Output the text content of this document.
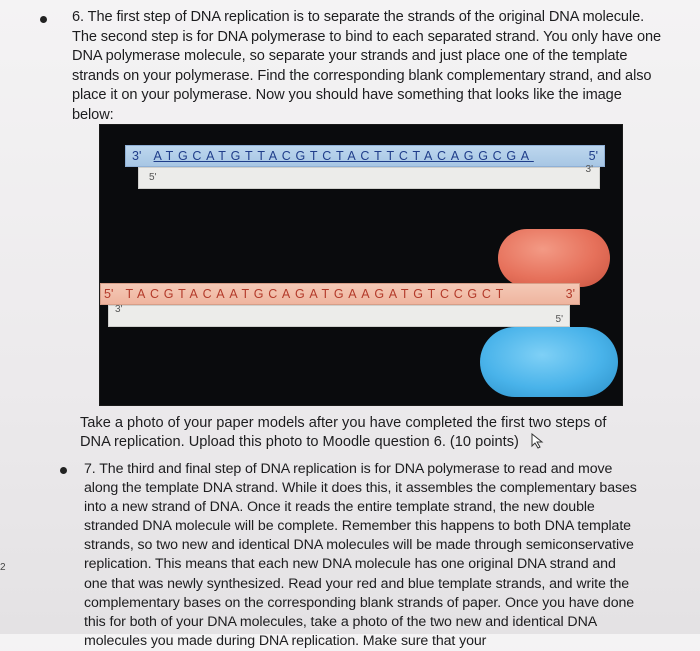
6. The first step of DNA replication is to separate the strands of the original DNA molecule. The second step is for DNA polymerase to bind to each separated strand. You only have one DNA polymerase molecule, so separate your strands and just place one of the template strands on your polymerase. Find the corresponding blank complementary strand, and also place it on your polymerase. Now you should have something that looks like the image below:

3' ATGCATGTTACGTCTACTTCTACAGGCGA	5'
5'
3'
5' TACGTACAATGCAGATGAAGATGTCCGCT	3'
3'
5'

Take a photo of your paper models after you have completed the first two steps of DNA replication. Upload this photo to Moodle question 6. (10 points)

7. The third and final step of DNA replication is for DNA polymerase to read and move along the template DNA strand. While it does this, it assembles the complementary bases into a new strand of DNA. Once it reads the entire template strand, the new double stranded DNA molecule will be complete. Remember this happens to both DNA template strands, so two new and identical DNA molecules will be made through semiconservative replication. This means that each new DNA molecule has one original DNA strand and one that was newly synthesized. Read your red and blue template strands, and write the complementary bases on the corresponding blank strands of paper. Once you have done this for both of your DNA molecules, take a photo of the two new and identical DNA molecules you made during DNA replication. Make sure that your

2
